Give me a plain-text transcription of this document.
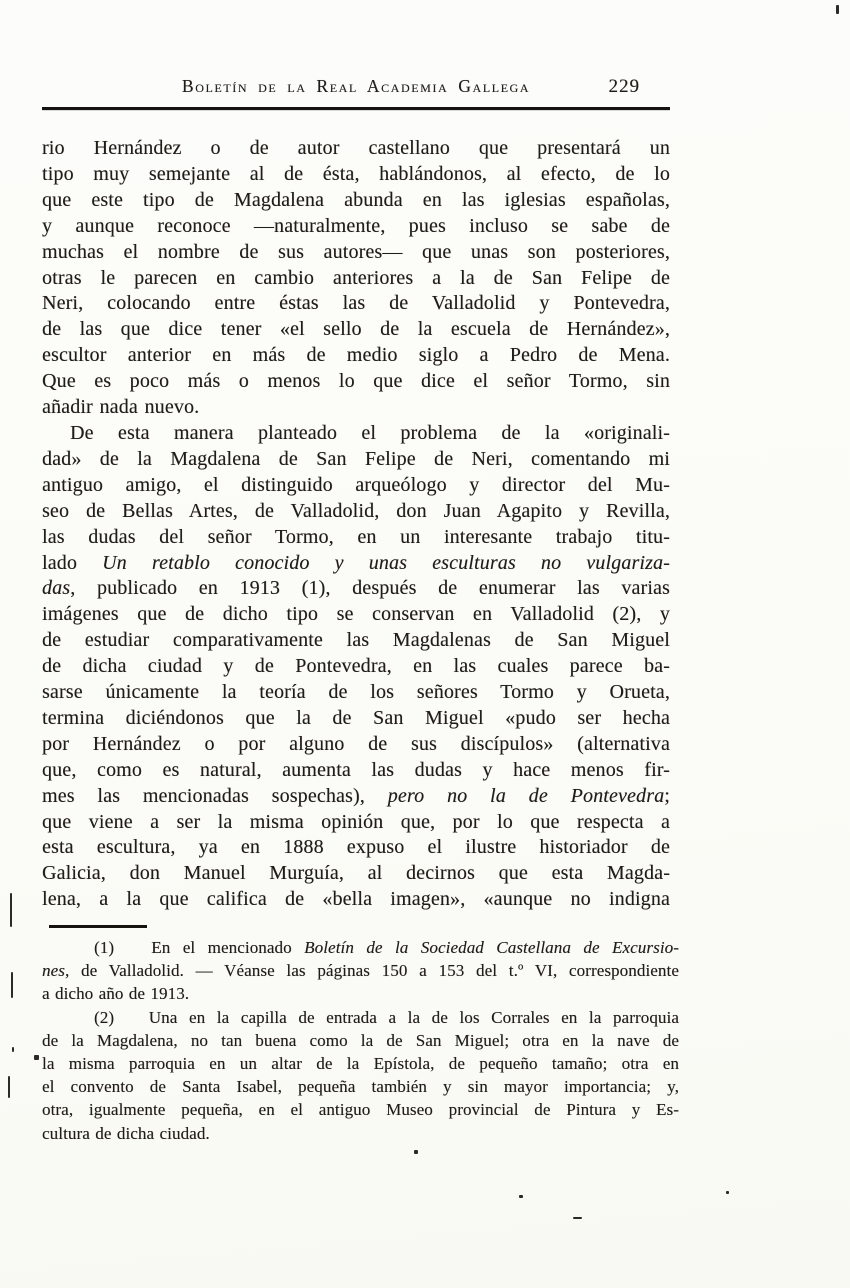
Boletín de la Real Academia Gallega	229
rio Hernández o de autor castellano que presentará un
tipo muy semejante al de ésta, hablándonos, al efecto, de lo
que este tipo de Magdalena abunda en las iglesias españolas,
y aunque reconoce —naturalmente, pues incluso se sabe de
muchas el nombre de sus autores— que unas son posteriores,
otras le parecen en cambio anteriores a la de San Felipe de
Neri, colocando entre éstas las de Valladolid y Pontevedra,
de las que dice tener «el sello de la escuela de Hernández»,
escultor anterior en más de medio siglo a Pedro de Mena.
Que es poco más o menos lo que dice el señor Tormo, sin
añadir nada nuevo.
De esta manera planteado el problema de la «originali-
dad» de la Magdalena de San Felipe de Neri, comentando mi
antiguo amigo, el distinguido arqueólogo y director del Mu-
seo de Bellas Artes, de Valladolid, don Juan Agapito y Revilla,
las dudas del señor Tormo, en un interesante trabajo titu-
lado Un retablo conocido y unas esculturas no vulgariza-
das, publicado en 1913 (1), después de enumerar las varias
imágenes que de dicho tipo se conservan en Valladolid (2), y
de estudiar comparativamente las Magdalenas de San Miguel
de dicha ciudad y de Pontevedra, en las cuales parece ba-
sarse únicamente la teoría de los señores Tormo y Orueta,
termina diciéndonos que la de San Miguel «pudo ser hecha
por Hernández o por alguno de sus discípulos» (alternativa
que, como es natural, aumenta las dudas y hace menos fir-
mes las mencionadas sospechas), pero no la de Pontevedra;
que viene a ser la misma opinión que, por lo que respecta a
esta escultura, ya en 1888 expuso el ilustre historiador de
Galicia, don Manuel Murguía, al decirnos que esta Magda-
lena, a la que califica de «bella imagen», «aunque no indigna
(1)   En el mencionado Boletín de la Sociedad Castellana de Excursio-
nes, de Valladolid. — Véanse las páginas 150 a 153 del t.º VI, correspondiente
a dicho año de 1913.
(2)   Una en la capilla de entrada a la de los Corrales en la parroquia
de la Magdalena, no tan buena como la de San Miguel; otra en la nave de
la misma parroquia en un altar de la Epístola, de pequeño tamaño; otra en
el convento de Santa Isabel, pequeña también y sin mayor importancia; y,
otra, igualmente pequeña, en el antiguo Museo provincial de Pintura y Es-
cultura de dicha ciudad.
